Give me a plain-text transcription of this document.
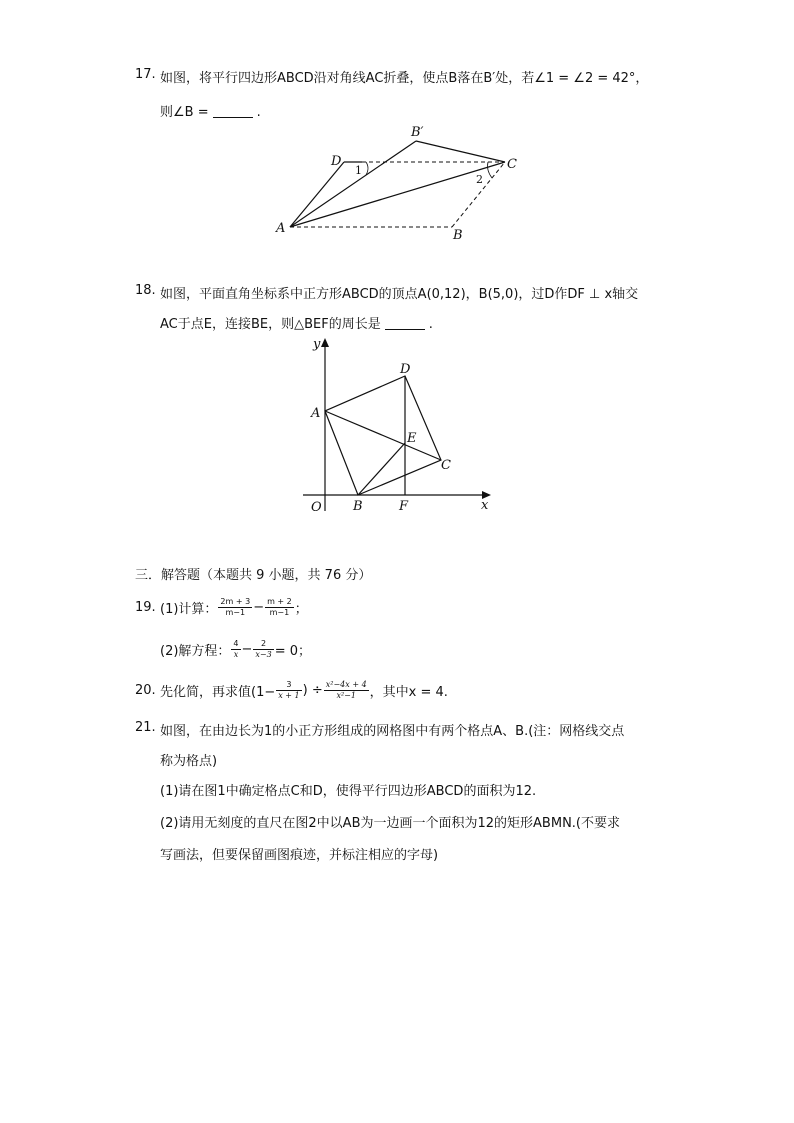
17. 如图，将平行四边形ABCD沿对角线AC折叠，使点B落在B′处，若∠1 = ∠2 = 42°，
则∠B =	.
A	B
C
D
B′
1
2
18. 如图，平面直角坐标系中正方形ABCD的顶点A(0,12)，B(5,0)，过D作DF ⊥ x轴交
AC于点E，连接BE，则△BEF的周长是	.
y
x
O
A
B
C
D
E
F
三．解答题（本题共 9 小题，共 76 分）
19. (1)计算： $\frac{2m + 3}{m-1} - \frac{m + 2}{m-1}$ ；
(2)解方程： $\frac{4}{x} - \frac{2}{x-3} = 0$；
20. 先化简，再求值($1- \frac{3}{x + 1}$ ) ÷ $\frac{\text{x²−4x + 4}}{\text{x²−1}}$ ，其中x = 4.
21. 如图，在由边长为1的小正方形组成的网格图中有两个格点A、B.(注：网格线交点
称为格点)
(1)请在图1中确定格点C和D，使得平行四边形ABCD的面积为12.
(2)请用无刻度的直尺在图2中以AB为一边画一个面积为12的矩形ABMN.(不要求
写画法，但要保留画图痕迹，并标注相应的字母)
